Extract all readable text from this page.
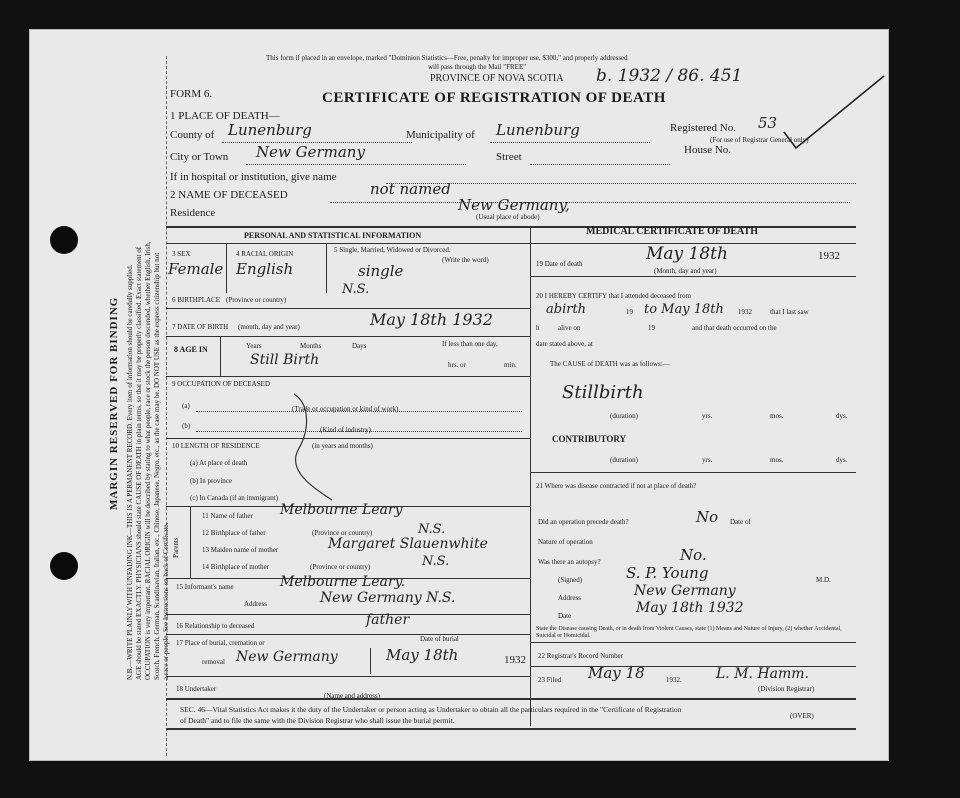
MARGIN RESERVED FOR BINDING N.B.—WRITE PLAINLY WITH UNFADING INK—THIS IS A PERMANENT RECORD. Every item of information should be carefully supplied. AGE should be stated EXACTLY. PHYSICIANS should state CAUSE OF DEATH in plain terms, so that it may be properly classified. Exact statement of OCCUPATION is very important. RACIAL ORIGIN will be described by stating to what people, race or stock the person descended, whether English, Irish, Scotch, French, German, Scandinavian, Italian, etc., Chinese, Japanese, Negro, etc., as the case may be. DO NOT USE as the express citizenship but not a race or people. See Instructions on back of Certificate.
This form if placed in an envelope, marked "Dominion Statistics—Free, penalty for improper use, $300," and properly addressed
will pass through the Mail "FREE"
PROVINCE OF NOVA SCOTIA b. 1932 / 86. 451
FORM 6.	CERTIFICATE OF REGISTRATION OF DEATH
1 PLACE OF DEATH—
County of Lunenburg	Municipality of Lunenburg	Registered No. 53
(For use of Registrar General only)
City or Town New Germany	Street
House No.
If in hospital or institution, give name
2 NAME OF DECEASED	not named
Residence	New Germany,
(Usual place of abode)
PERSONAL AND STATISTICAL INFORMATION	MEDICAL CERTIFICATE OF DEATH
3 SEX	4 RACIAL ORIGIN	5 Single, Married, Widowed or Divorced.
(Write the word)
Female English	single
6 BIRTHPLACE (Province or country)
N.S.
7 DATE OF BIRTH (month, day and year)	May 18th 1932
8 AGE IN	Years	Months	Days	If less than one day,
Still Birth	hrs. or	min.
9 OCCUPATION OF DECEASED
(a)	(Trade or occupation or kind of work)
(b)	(Kind of industry)
10 LENGTH OF RESIDENCE	(in years and months)
(a) At place of death
(b) In province
(c) In Canada (if an immigrant)
Parents
11 Name of father Melbourne Leary
12 Birthplace of father	(Province or country)	N.S.
13 Maiden name of mother	Margaret Slauenwhite
14 Birthplace of mother	(Province or country)	N.S.
15 Informant's name	Melbourne Leary.
Address	New Germany N.S.
16 Relationship to deceased	father
17 Place of burial, cremation or	Date of burial
removal New Germany	May 18th	1932
18 Undertaker
(Name and address)
19 Date of death	May 18th	1932
(Month, day and year)
20 I HEREBY CERTIFY that I attended deceased from
abirth	19 to May 18th 1932	that I last saw
h	alive on	19	and that death occurred on the
date stated above, at
The CAUSE of DEATH was as follows:—
Stillbirth
(duration)	yrs.	mos.	dys.
CONTRIBUTORY
(duration)	yrs.	mos.	dys.
21 Where was disease contracted if not at place of death?
Did an operation precede death?	No Date of
Nature of operation
Was there an autopsy?	No.
(Signed)	S. P. Young	M.D.
Address	New Germany
Date	May 18th 1932
State the Disease causing Death, or in death from Violent Causes, state (1) Means and Nature of Injury, (2) whether Accidental, Suicidal or Homicidal.
22 Registrar's Record Number
23 Filed May 18	1932. L. M. Hamm.
(Division Registrar)
SEC. 46—Vital Statistics Act makes it the duty of the Undertaker or person acting as Undertaker to obtain all the particulars required in the "Certificate of Registration
of Death" and to file the same with the Division Registrar who shall issue the burial permit.	(OVER)
